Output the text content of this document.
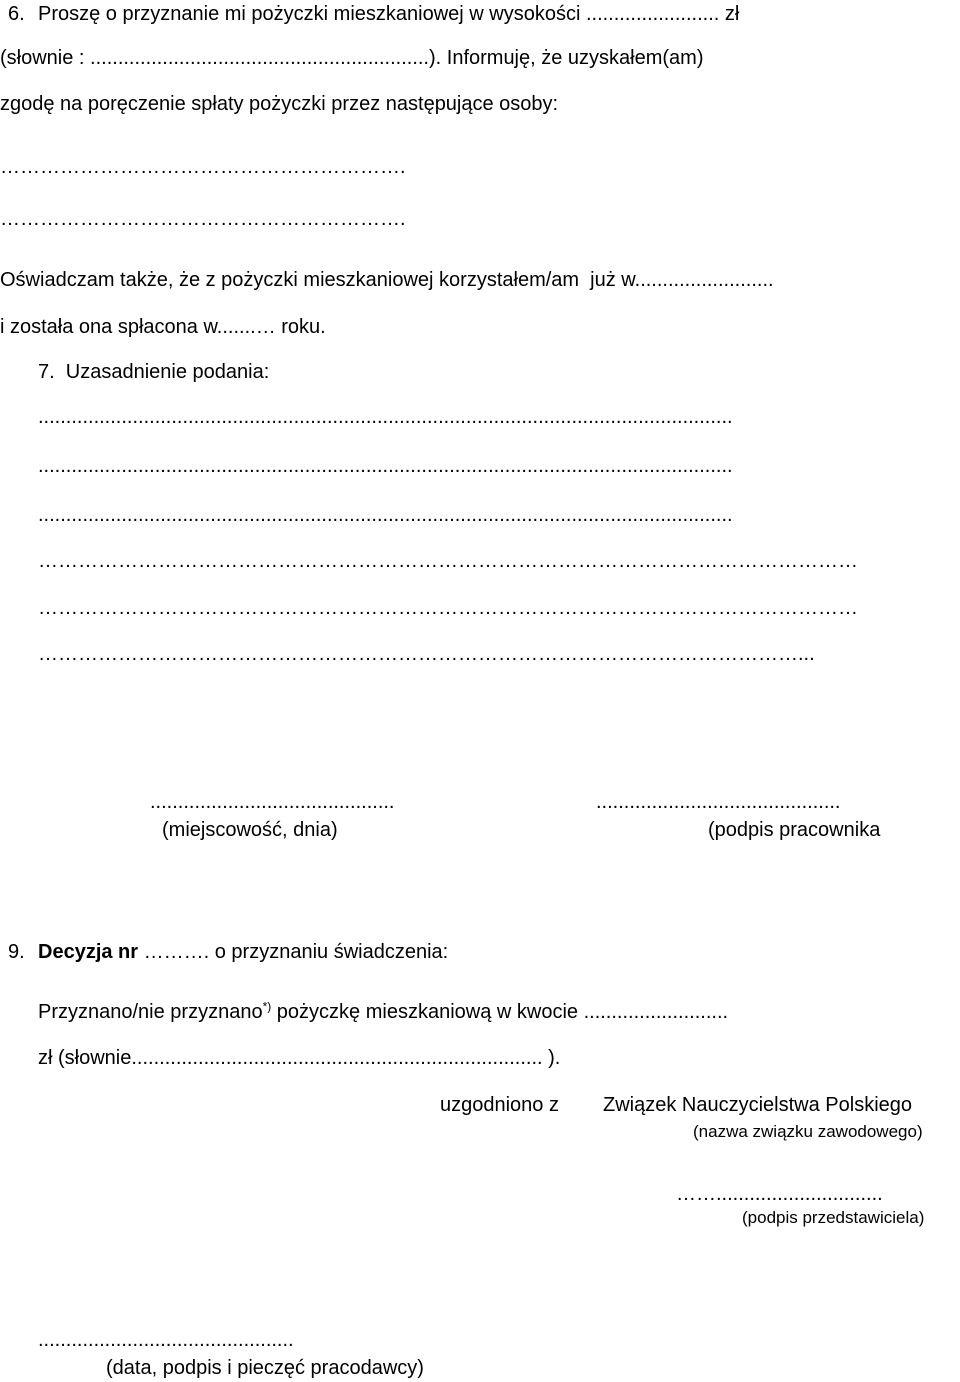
6. Proszę o przyznanie mi pożyczki mieszkaniowej w wysokości ........................ zł
(słownie : .............................................................). Informuję, że uzyskałem(am)
zgodę na poręczenie spłaty pożyczki przez następujące osoby:
…………………………………………………….
…………………………………………………….
Oświadczam także, że z pożyczki mieszkaniowej korzystałem/am  już w.........................
i została ona spłacona w.......… roku.
7.  Uzasadnienie podania:
.............................................................................................................................
.............................................................................................................................
.............................................................................................................................
……………………………………………………………………………………………………………
……………………………………………………………………………………………………………
……………………………………………………………………………………………………...
............................................
(miejscowość, dnia)
............................................
(podpis pracownika
9. Decyzja nr ………. o przyznaniu świadczenia:
Przyznano/nie przyznano*) pożyczkę mieszkaniową w kwocie ..........................
zł (słownie.......................................................................... ).
uzgodniono z Związek Nauczycielstwa Polskiego
(nazwa związku zawodowego)
……..............................
(podpis przedstawiciela)
..............................................
(data, podpis i pieczęć pracodawcy)
